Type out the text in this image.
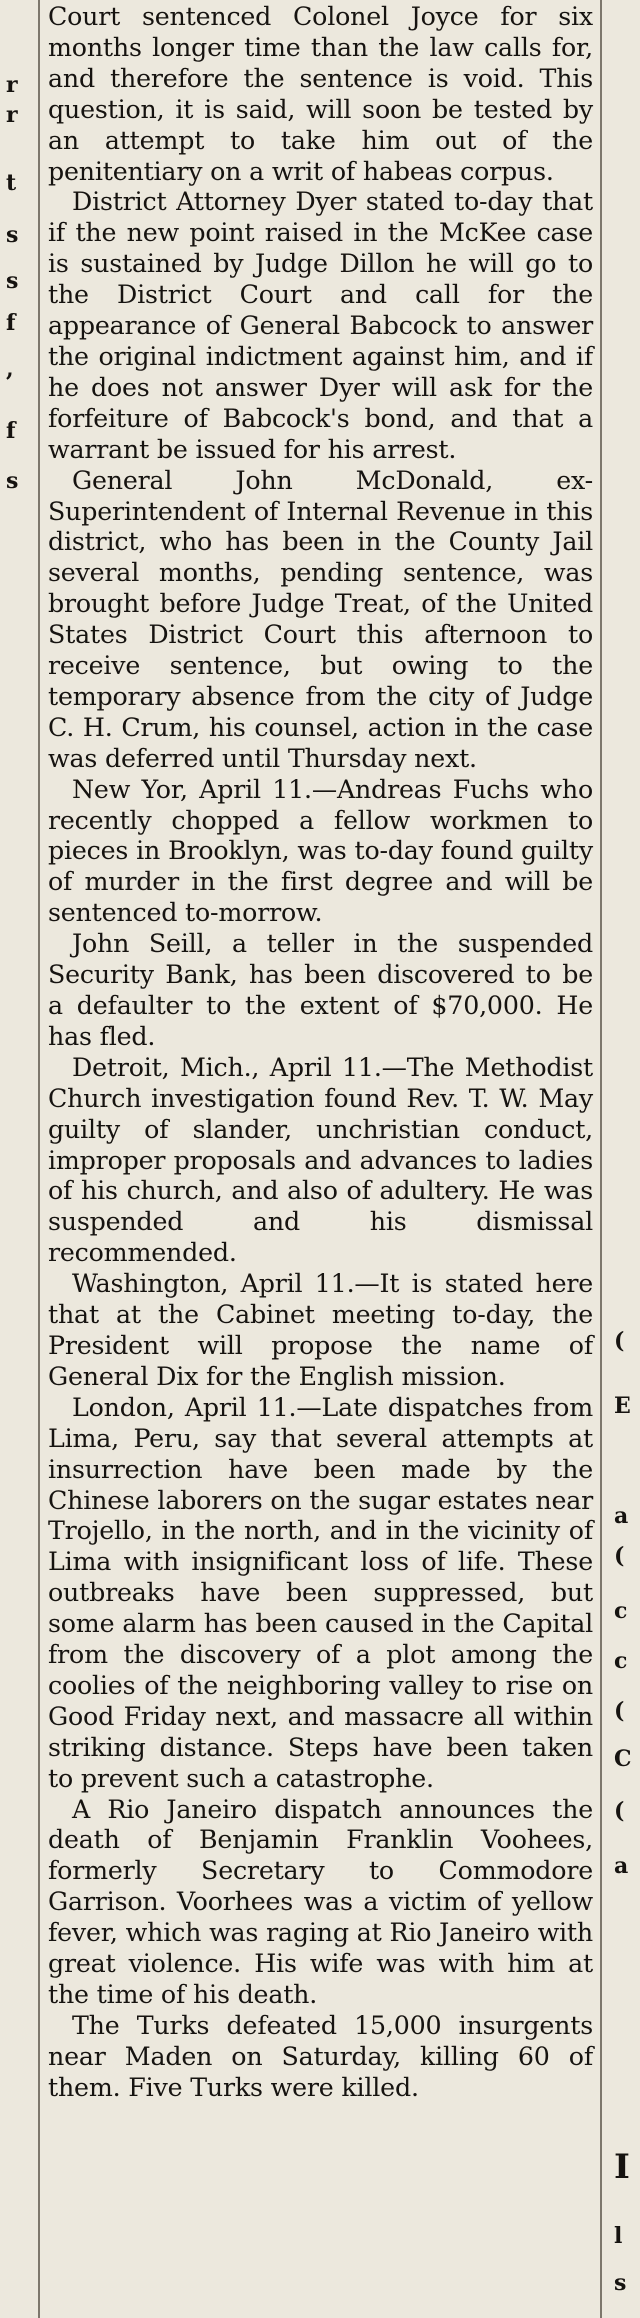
r
r
t
s
s
f
,
f
s

Court sentenced Colonel Joyce for six months longer time than the law calls for, and therefore the sentence is void. This question, it is said, will soon be tested by an attempt to take him out of the penitentiary on a writ of habeas corpus.

District Attorney Dyer stated to-day that if the new point raised in the McKee case is sustained by Judge Dillon he will go to the District Court and call for the appearance of General Babcock to answer the original indictment against him, and if he does not answer Dyer will ask for the forfeiture of Babcock's bond, and that a warrant be issued for his arrest.

General John McDonald, ex-Superintendent of Internal Revenue in this district, who has been in the County Jail several months, pending sentence, was brought before Judge Treat, of the United States District Court this afternoon to receive sentence, but owing to the temporary absence from the city of Judge C. H. Crum, his counsel, action in the case was deferred until Thursday next.

New Yor, April 11.—Andreas Fuchs who recently chopped a fellow workmen to pieces in Brooklyn, was to-day found guilty of murder in the first degree and will be sentenced to-morrow.

John Seill, a teller in the suspended Security Bank, has been discovered to be a defaulter to the extent of $70,000. He has fled.

Detroit, Mich., April 11.—The Methodist Church investigation found Rev. T. W. May guilty of slander, unchristian conduct, improper proposals and advances to ladies of his church, and also of adultery. He was suspended and his dismissal recommended.

Washington, April 11.—It is stated here that at the Cabinet meeting to-day, the President will propose the name of General Dix for the English mission.

London, April 11.—Late dispatches from Lima, Peru, say that several attempts at insurrection have been made by the Chinese laborers on the sugar estates near Trojello, in the north, and in the vicinity of Lima with insignificant loss of life. These outbreaks have been suppressed, but some alarm has been caused in the Capital from the discovery of a plot among the coolies of the neighboring valley to rise on Good Friday next, and massacre all within striking distance. Steps have been taken to prevent such a catastrophe.

A Rio Janeiro dispatch announces the death of Benjamin Franklin Voohees, formerly Secretary to Commodore Garrison. Voorhees was a victim of yellow fever, which was raging at Rio Janeiro with great violence. His wife was with him at the time of his death.

The Turks defeated 15,000 insurgents near Maden on Saturday, killing 60 of them. Five Turks were killed.

(
E
a
(
c
c
(
C
(
a
I
l
s
